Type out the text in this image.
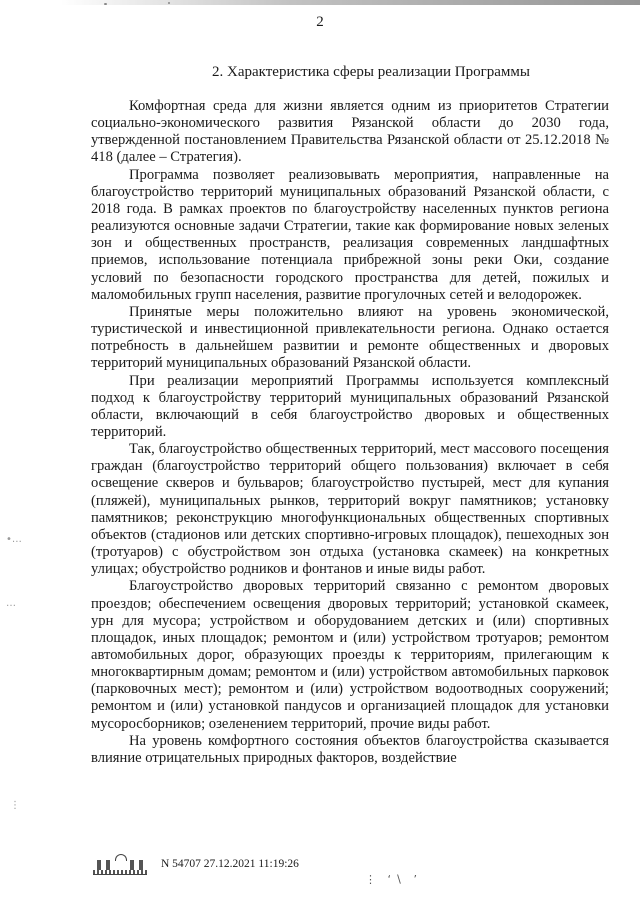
2
2. Характеристика сферы реализации Программы

Комфортная среда для жизни является одним из приоритетов Стратегии социально-экономического развития Рязанской области до 2030 года, утвержденной постановлением Правительства Рязанской области от 25.12.2018 № 418 (далее – Стратегия).

Программа позволяет реализовывать мероприятия, направленные на благоустройство территорий муниципальных образований Рязанской области, с 2018 года. В рамках проектов по благоустройству населенных пунктов региона реализуются основные задачи Стратегии, такие как формирование новых зеленых зон и общественных пространств, реализация современных ландшафтных приемов, использование потенциала прибрежной зоны реки Оки, создание условий по безопасности городского пространства для детей, пожилых и маломобильных групп населения, развитие прогулочных сетей и велодорожек.

Принятые меры положительно влияют на уровень экономической, туристической и инвестиционной привлекательности региона. Однако остается потребность в дальнейшем развитии и ремонте общественных и дворовых территорий муниципальных образований Рязанской области.

При реализации мероприятий Программы используется комплексный подход к благоустройству территорий муниципальных образований Рязанской области, включающий в себя благоустройство дворовых и общественных территорий.

Так, благоустройство общественных территорий, мест массового посещения граждан (благоустройство территорий общего пользования) включает в себя освещение скверов и бульваров; благоустройство пустырей, мест для купания (пляжей), муниципальных рынков, территорий вокруг памятников; установку памятников; реконструкцию многофункциональных общественных спортивных объектов (стадионов или детских спортивно-игровых площадок), пешеходных зон (тротуаров) с обустройством зон отдыха (установка скамеек) на конкретных улицах; обустройство родников и фонтанов и иные виды работ.

Благоустройство дворовых территорий связанно с ремонтом дворовых проездов; обеспечением освещения дворовых территорий; установкой скамеек, урн для мусора; устройством и оборудованием детских и (или) спортивных площадок, иных площадок; ремонтом и (или) устройством тротуаров; ремонтом автомобильных дорог, образующих проезды к территориям, прилегающим к многоквартирным домам; ремонтом и (или) устройством автомобильных парковок (парковочных мест); ремонтом и (или) устройством водоотводных сооружений; ремонтом и (или) установкой пандусов и организацией площадок для установки мусоросборников; озеленением территорий, прочие виды работ.

На уровень комфортного состояния объектов благоустройства сказывается влияние отрицательных природных факторов, воздействие

•…
…
⋮
N 54707 27.12.2021 11:19:26
⋮ ‘∖ ’
